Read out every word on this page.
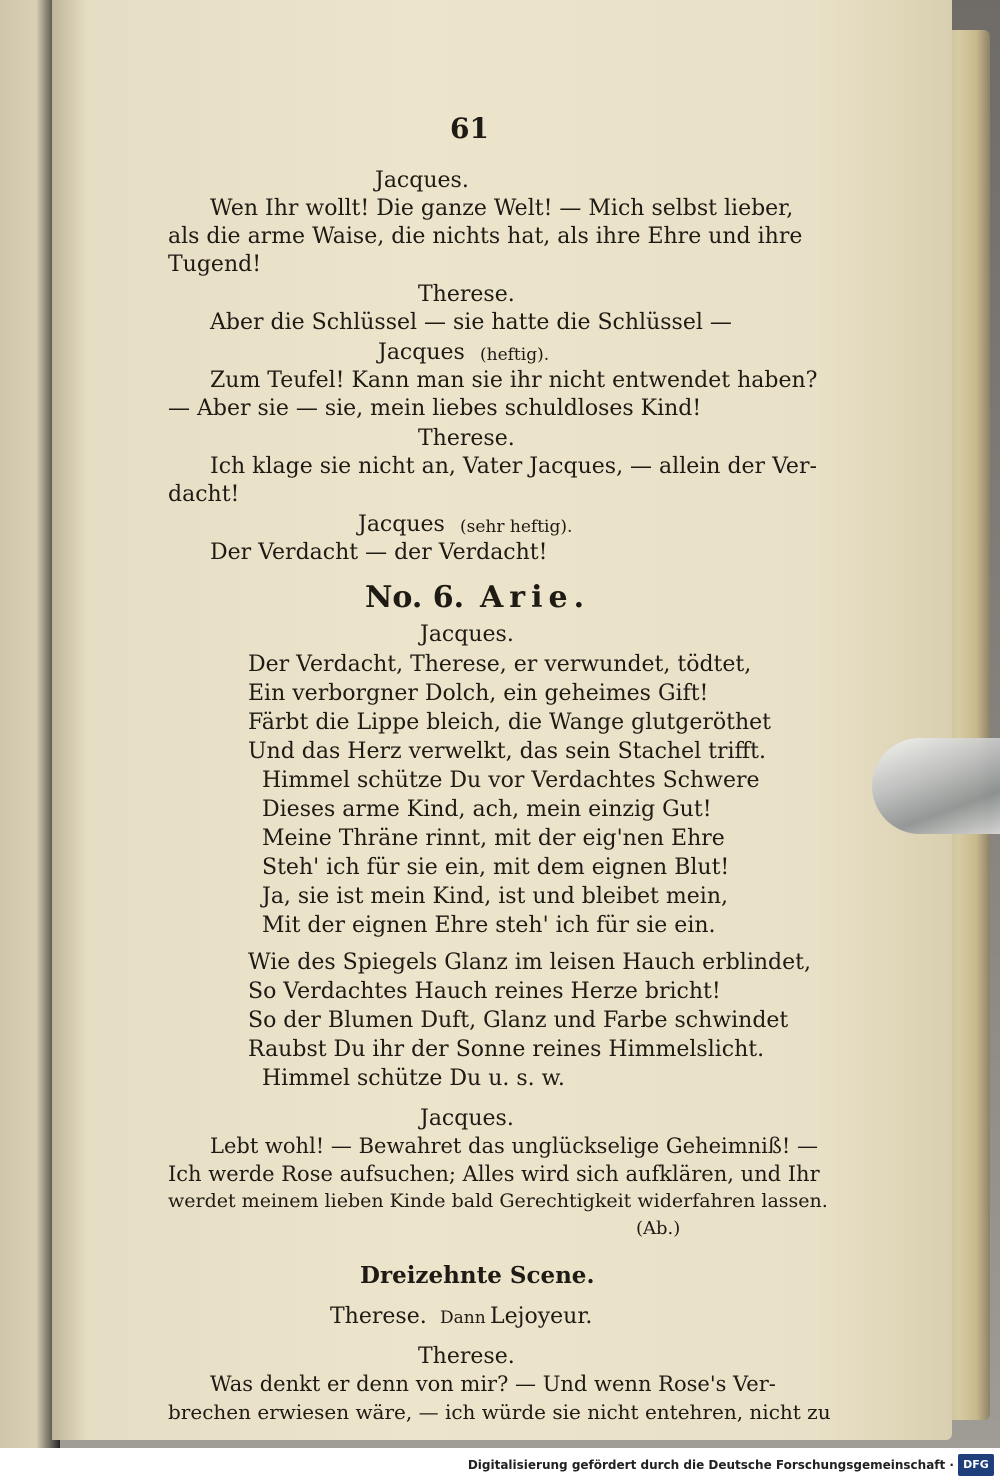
61
Jacques.
Wen Ihr wollt! Die ganze Welt! — Mich selbst lieber,
als die arme Waise, die nichts hat, als ihre Ehre und ihre
Tugend!
Therese.
Aber die Schlüssel — sie hatte die Schlüssel —
Jacques (heftig).
Zum Teufel! Kann man sie ihr nicht entwendet haben?
— Aber sie — sie, mein liebes schuldloses Kind!
Therese.
Ich klage sie nicht an, Vater Jacques, — allein der Ver-
dacht!
Jacques (sehr heftig).
Der Verdacht — der Verdacht!
No. 6. Arie.
Jacques.
Der Verdacht, Therese, er verwundet, tödtet,
Ein verborgner Dolch, ein geheimes Gift!
Färbt die Lippe bleich, die Wange glutgeröthet
Und das Herz verwelkt, das sein Stachel trifft.
Himmel schütze Du vor Verdachtes Schwere
Dieses arme Kind, ach, mein einzig Gut!
Meine Thräne rinnt, mit der eig'nen Ehre
Steh' ich für sie ein, mit dem eignen Blut!
Ja, sie ist mein Kind, ist und bleibet mein,
Mit der eignen Ehre steh' ich für sie ein.
Wie des Spiegels Glanz im leisen Hauch erblindet,
So Verdachtes Hauch reines Herze bricht!
So der Blumen Duft, Glanz und Farbe schwindet
Raubst Du ihr der Sonne reines Himmelslicht.
Himmel schütze Du u. s. w.
Jacques.
Lebt wohl! — Bewahret das unglückselige Geheimniß! —
Ich werde Rose aufsuchen; Alles wird sich aufklären, und Ihr
werdet meinem lieben Kinde bald Gerechtigkeit widerfahren lassen.
(Ab.)
Dreizehnte Scene.
Therese. Dann Lejoyeur.
Therese.
Was denkt er denn von mir? — Und wenn Rose's Ver-
brechen erwiesen wäre, — ich würde sie nicht entehren, nicht zu
Digitalisierung gefördert durch die Deutsche Forschungsgemeinschaft · DFG
